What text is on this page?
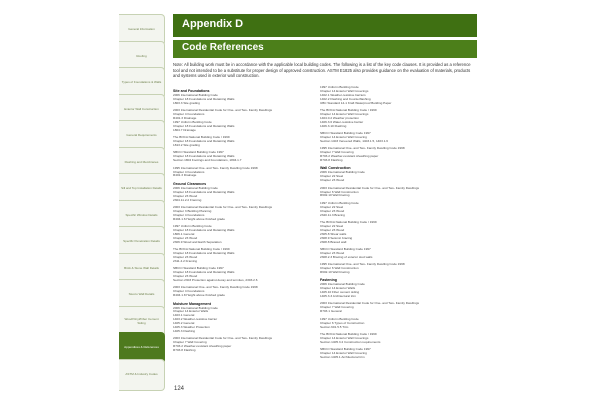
General Information
Roofing
Types of Foundations & Walls
Exterior Wall Construction
General Requirements
Flashing and Membranes
Sill and Top Installation Details
Specific Window Details
Specific Penetration Details
Brick & Stone Wall Details
Stucco Wall Details
Wood/Vinyl/Fiber Cement Siding
Appendices & References
ASTM & Industry Codes
Appendix D
Code References

Note: All building work must be in accordance with the applicable local building codes. The following is a list of the key code clauses. It is provided as a reference tool and not intended to be a substitute for proper design of approved construction. ASTM E1825 also provides guidance on the evaluation of materials, products and systems used in exterior wall construction.

Site and Foundations
2006 International Building Code
Chapter 18 Foundations and Retaining Walls
1803.3 Site grading
2003 International Residential Code for One- and Two- Family Dwellings
Chapter 4 Foundations
R401.3 Drainage
1997 Uniform Building Code
Chapter 18 Foundations and Retaining Walls
1804.7 Drainage
The BOCA National Building Code / 1999
Chapter 18 Foundations and Retaining Walls
1813.2 Site grading
SBCCI Standard Building Code 1997
Chapter 18 Foundations and Retaining Walls
Section 1804 Footings and Foundations, 1804.1.7
1995 International One- and Two- Family Dwelling Code 1998
Chapter 4 Foundations
R401.3 Drainage
Ground Clearances
2006 International Building Code
Chapter 18 Foundations and Retaining Walls
Chapter 23 Wood
2304.11.2.2 Framing
2003 International Residential Code for One- and Two- Family Dwellings
Chapter 3 Building Planning
Chapter 4 Foundations
R404.1.6 Height above finished grade
1997 Uniform Building Code
Chapter 18 Foundations and Retaining Walls
1806.1 General
Chapter 23 Wood
2306.9 Wood and Earth Separation
The BOCA National Building Code / 1999
Chapter 18 Foundations and Retaining Walls
Chapter 23 Wood
2311.4.2 Framing
SBCCI Standard Building Code 1997
Chapter 18 Foundations and Retaining Walls
Chapter 23 Wood
Section 2303 Protection against decay and termites, 2303.2.6
2003 International One- and Two- Family Dwelling Code 1998
Chapter 4 Foundations
R404.1.8 Height above finished grade
Moisture Management
2006 International Building Code
Chapter 14 Exterior Walls
1403.1 General
1403.2 Weather-resistive barrier
1405.2 General
1405.3 Weather Protection
1405.3 Flashing
2003 International Residential Code for One- and Two- Family Dwellings
Chapter 7 Wall Covering
R703.2 Weather-resistant sheathing paper
R703.8 Flashing
1997 Uniform Building Code
Chapter 14 Exterior Wall Coverings
1402.1 Weather-resistive barriers
1402.2 Flashing and Counterflashing
UBC Standard 14-1 Kraft Waterproof Building Paper
The BOCA National Building Code / 1999
Chapter 14 Exterior Wall Coverings
1404.0.2 Weather protection
1406.3.6 Water-resistive barrier
1406.3.10 Flashing
SBCCI Standard Building Code 1997
Chapter 14 Exterior Wall Covering
Section 1403 Veneered Walls, 1403.1.5, 1403.1.6
1995 International One- and Two- Family Dwelling Code 1998
Chapter 7 Wall Covering
R703.2 Weather-resistant sheathing paper
R703.8 Flashing
Wall Construction
2006 International Building Code
Chapter 22 Steel
Chapter 23 Wood
2003 International Residential Code for One- and Two- Family Dwellings
Chapter 6 Wall Construction
R602.10 Wall bracing
1997 Uniform Building Code
Chapter 22 Steel
Chapter 23 Wood
2320.11.3 Bracing
The BOCA National Building Code / 1999
Chapter 22 Steel
Chapter 23 Wood
2305.8 Shear walls
2308.9 Seismic bracing
2308.8 Braced wall
SBCCI Standard Building Code 1997
Chapter 23 Wood
2308.2.3 Bracing of exterior stud walls
1995 International One- and Two- Family Dwelling Code 1998
Chapter 6 Wall Construction
R602.10 Wall bracing
Fastening
2006 International Building Code
Chapter 14 Exterior Walls
1405.10 Fiber cement siding
1405.3.3 Architectural trim
2003 International Residential Code for One- and Two- Family Dwellings
Chapter 7 Wall Covering
R703.1 General
1997 Uniform Building Code
Chapter 6 Types of Construction
Section 601.5.5 Trim
The BOCA National Building Code / 1999
Chapter 14 Exterior Wall Coverings
Section 1405.3.2 Construction requirements
SBCCI Standard Building Code 1997
Chapter 14 Exterior Wall Covering
Section 1405.1 Architectural trim
124
